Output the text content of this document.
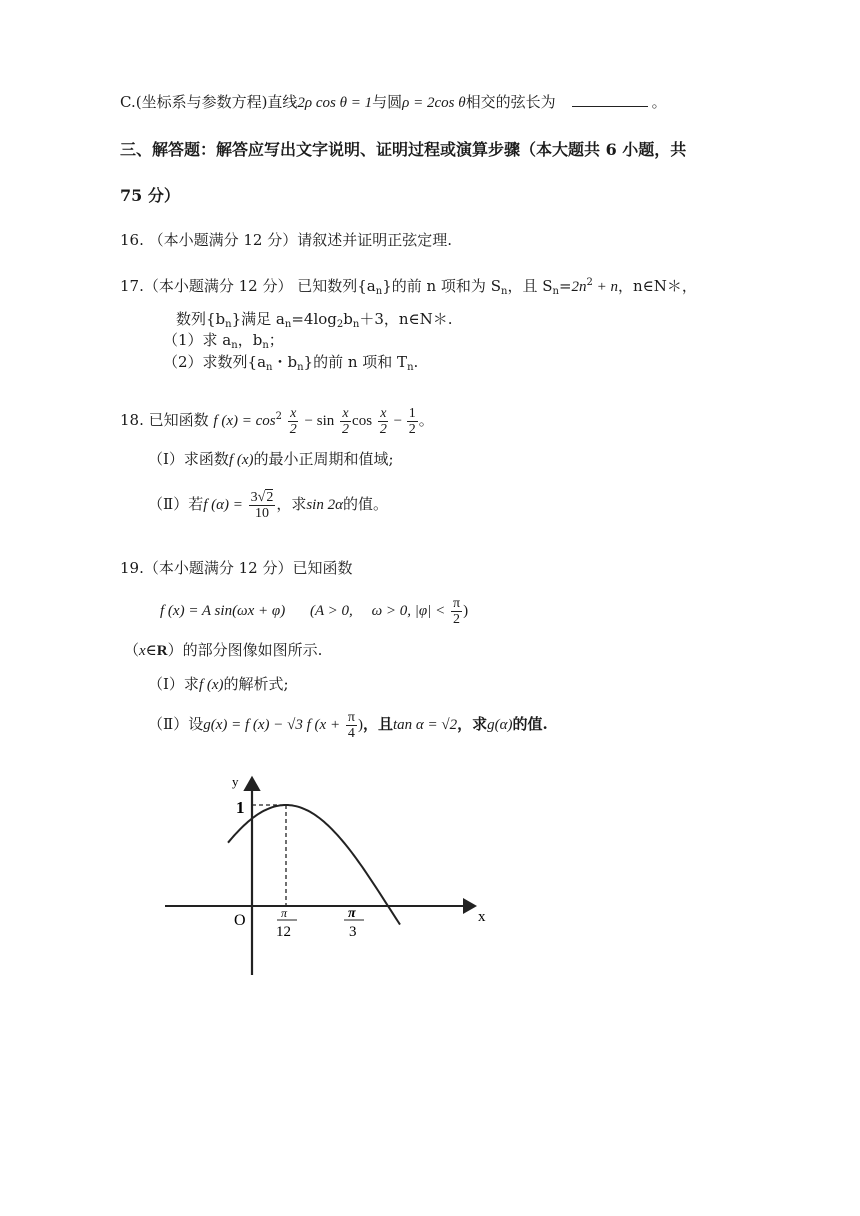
C.(坐标系与参数方程)直线2ρ cos θ = 1与圆ρ = 2cos θ相交的弦长为	。
三、解答题：解答应写出文字说明、证明过程或演算步骤（本大题共 6 小题，共
75 分）
16. （本小题满分 12 分）请叙述并证明正弦定理.
17.（本小题满分 12 分） 已知数列$\{a_n\}$的前 n 项和为 $S_n$，且 $S_n=2n^2 + n$，n∈N＊，
数列$\{b_n\}$满足 $a_n=4\log_2b_n+3$，n∈N＊.
（1）求 $a_n$，$b_n$；
（2）求数列{$a_n$・$b_n$}的前 n 项和 $T_n$.
18. 已知函数 f $(x) = \cos^2 \frac{x}{2} - \sin \frac{x}{2}$ $\cos \frac{x}{2} - \frac{1}{2}$ 。
（Ⅰ）求函数f (x)的最小正周期和值域;
（Ⅱ）若f $(\alpha) = \frac{3√2}{10}$ ，求sin 2α的值。
19.（本小题满分 12 分）已知函数
f (x) = A sin(ωx + φ) (A > 0, ω > 0, $|\varphi| < \frac{\pi}{2}$ )
（x∈R）的部分图像如图所示.
（Ⅰ）求f (x)的解析式;
（Ⅱ）设g(x) = f (x) − √3 f ($x + \frac{\pi}{4}$ )，且tan α = √2，求g(α)的值.
y
x
O
1
π
12
π
3
